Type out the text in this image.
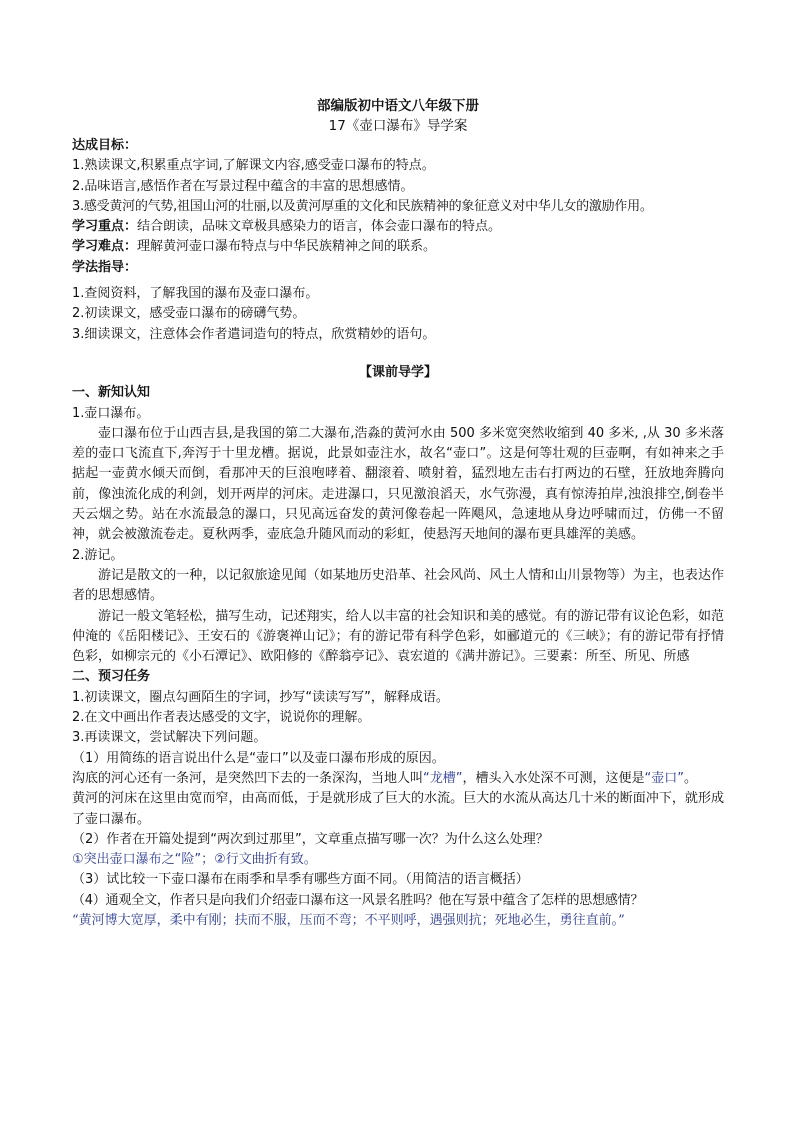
部编版初中语文八年级下册
17《壶口瀑布》导学案
达成目标：
1.熟读课文,积累重点字词,了解课文内容,感受壶口瀑布的特点。
2.品味语言,感悟作者在写景过程中蕴含的丰富的思想感情。
3.感受黄河的气势,祖国山河的壮丽,以及黄河厚重的文化和民族精神的象征意义对中华儿女的激励作用。
学习重点：结合朗读，品味文章极具感染力的语言，体会壶口瀑布的特点。
学习难点：理解黄河壶口瀑布特点与中华民族精神之间的联系。
学法指导：
1.查阅资料，了解我国的瀑布及壶口瀑布。
2.初读课文，感受壶口瀑布的磅礴气势。
3.细读课文，注意体会作者遣词造句的特点，欣赏精妙的语句。
【课前导学】
一、新知认知
1.壶口瀑布。
壶口瀑布位于山西吉县,是我国的第二大瀑布,浩淼的黄河水由 500 多米宽突然收缩到 40 多米, ,从 30 多米落差的壶口飞流直下,奔泻于十里龙槽。据说，此景如壶注水，故名“壶口”。这是何等壮观的巨壶啊，有如神来之手掂起一壶黄水倾天而倒，看那冲天的巨浪咆哮着、翻滚着、喷射着，猛烈地左击右打两边的石壁，狂放地奔腾向前，像浊流化成的利剑，划开两岸的河床。走进瀑口，只见激浪滔天，水气弥漫，真有惊涛拍岸,浊浪排空,倒卷半天云烟之势。站在水流最急的瀑口，只见高远奋发的黄河像卷起一阵飓风，急速地从身边呼啸而过，仿佛一不留神，就会被激流卷走。夏秋两季，壶底急升随风而动的彩虹，使悬泻天地间的瀑布更具雄浑的美感。
2.游记。
游记是散文的一种，以记叙旅途见闻（如某地历史沿革、社会风尚、风土人情和山川景物等）为主，也表达作者的思想感情。
游记一般文笔轻松，描写生动，记述翔实，给人以丰富的社会知识和美的感觉。有的游记带有议论色彩，如范仲淹的《岳阳楼记》、王安石的《游褒禅山记》；有的游记带有科学色彩，如郦道元的《三峡》；有的游记带有抒情色彩，如柳宗元的《小石潭记》、欧阳修的《醉翁亭记》、袁宏道的《满井游记》。三要素：所至、所见、所感
二、预习任务
1.初读课文，圈点勾画陌生的字词，抄写“读读写写”，解释成语。
2.在文中画出作者表达感受的文字，说说你的理解。
3.再读课文，尝试解决下列问题。
（1）用简练的语言说出什么是“壶口”以及壶口瀑布形成的原因。
沟底的河心还有一条河，是突然凹下去的一条深沟，当地人叫“龙槽”，槽头入水处深不可测，这便是“壶口”。
黄河的河床在这里由宽而窄，由高而低，于是就形成了巨大的水流。巨大的水流从高达几十米的断面冲下，就形成了壶口瀑布。
（2）作者在开篇处提到“两次到过那里”，文章重点描写哪一次？为什么这么处理？
①突出壶口瀑布之“险”；②行文曲折有致。
（3）试比较一下壶口瀑布在雨季和旱季有哪些方面不同。（用简洁的语言概括）
（4）通观全文，作者只是向我们介绍壶口瀑布这一风景名胜吗？他在写景中蕴含了怎样的思想感情？
“黄河博大宽厚，柔中有刚；扶而不服，压而不弯；不平则呼，遇强则抗；死地必生，勇往直前。”
